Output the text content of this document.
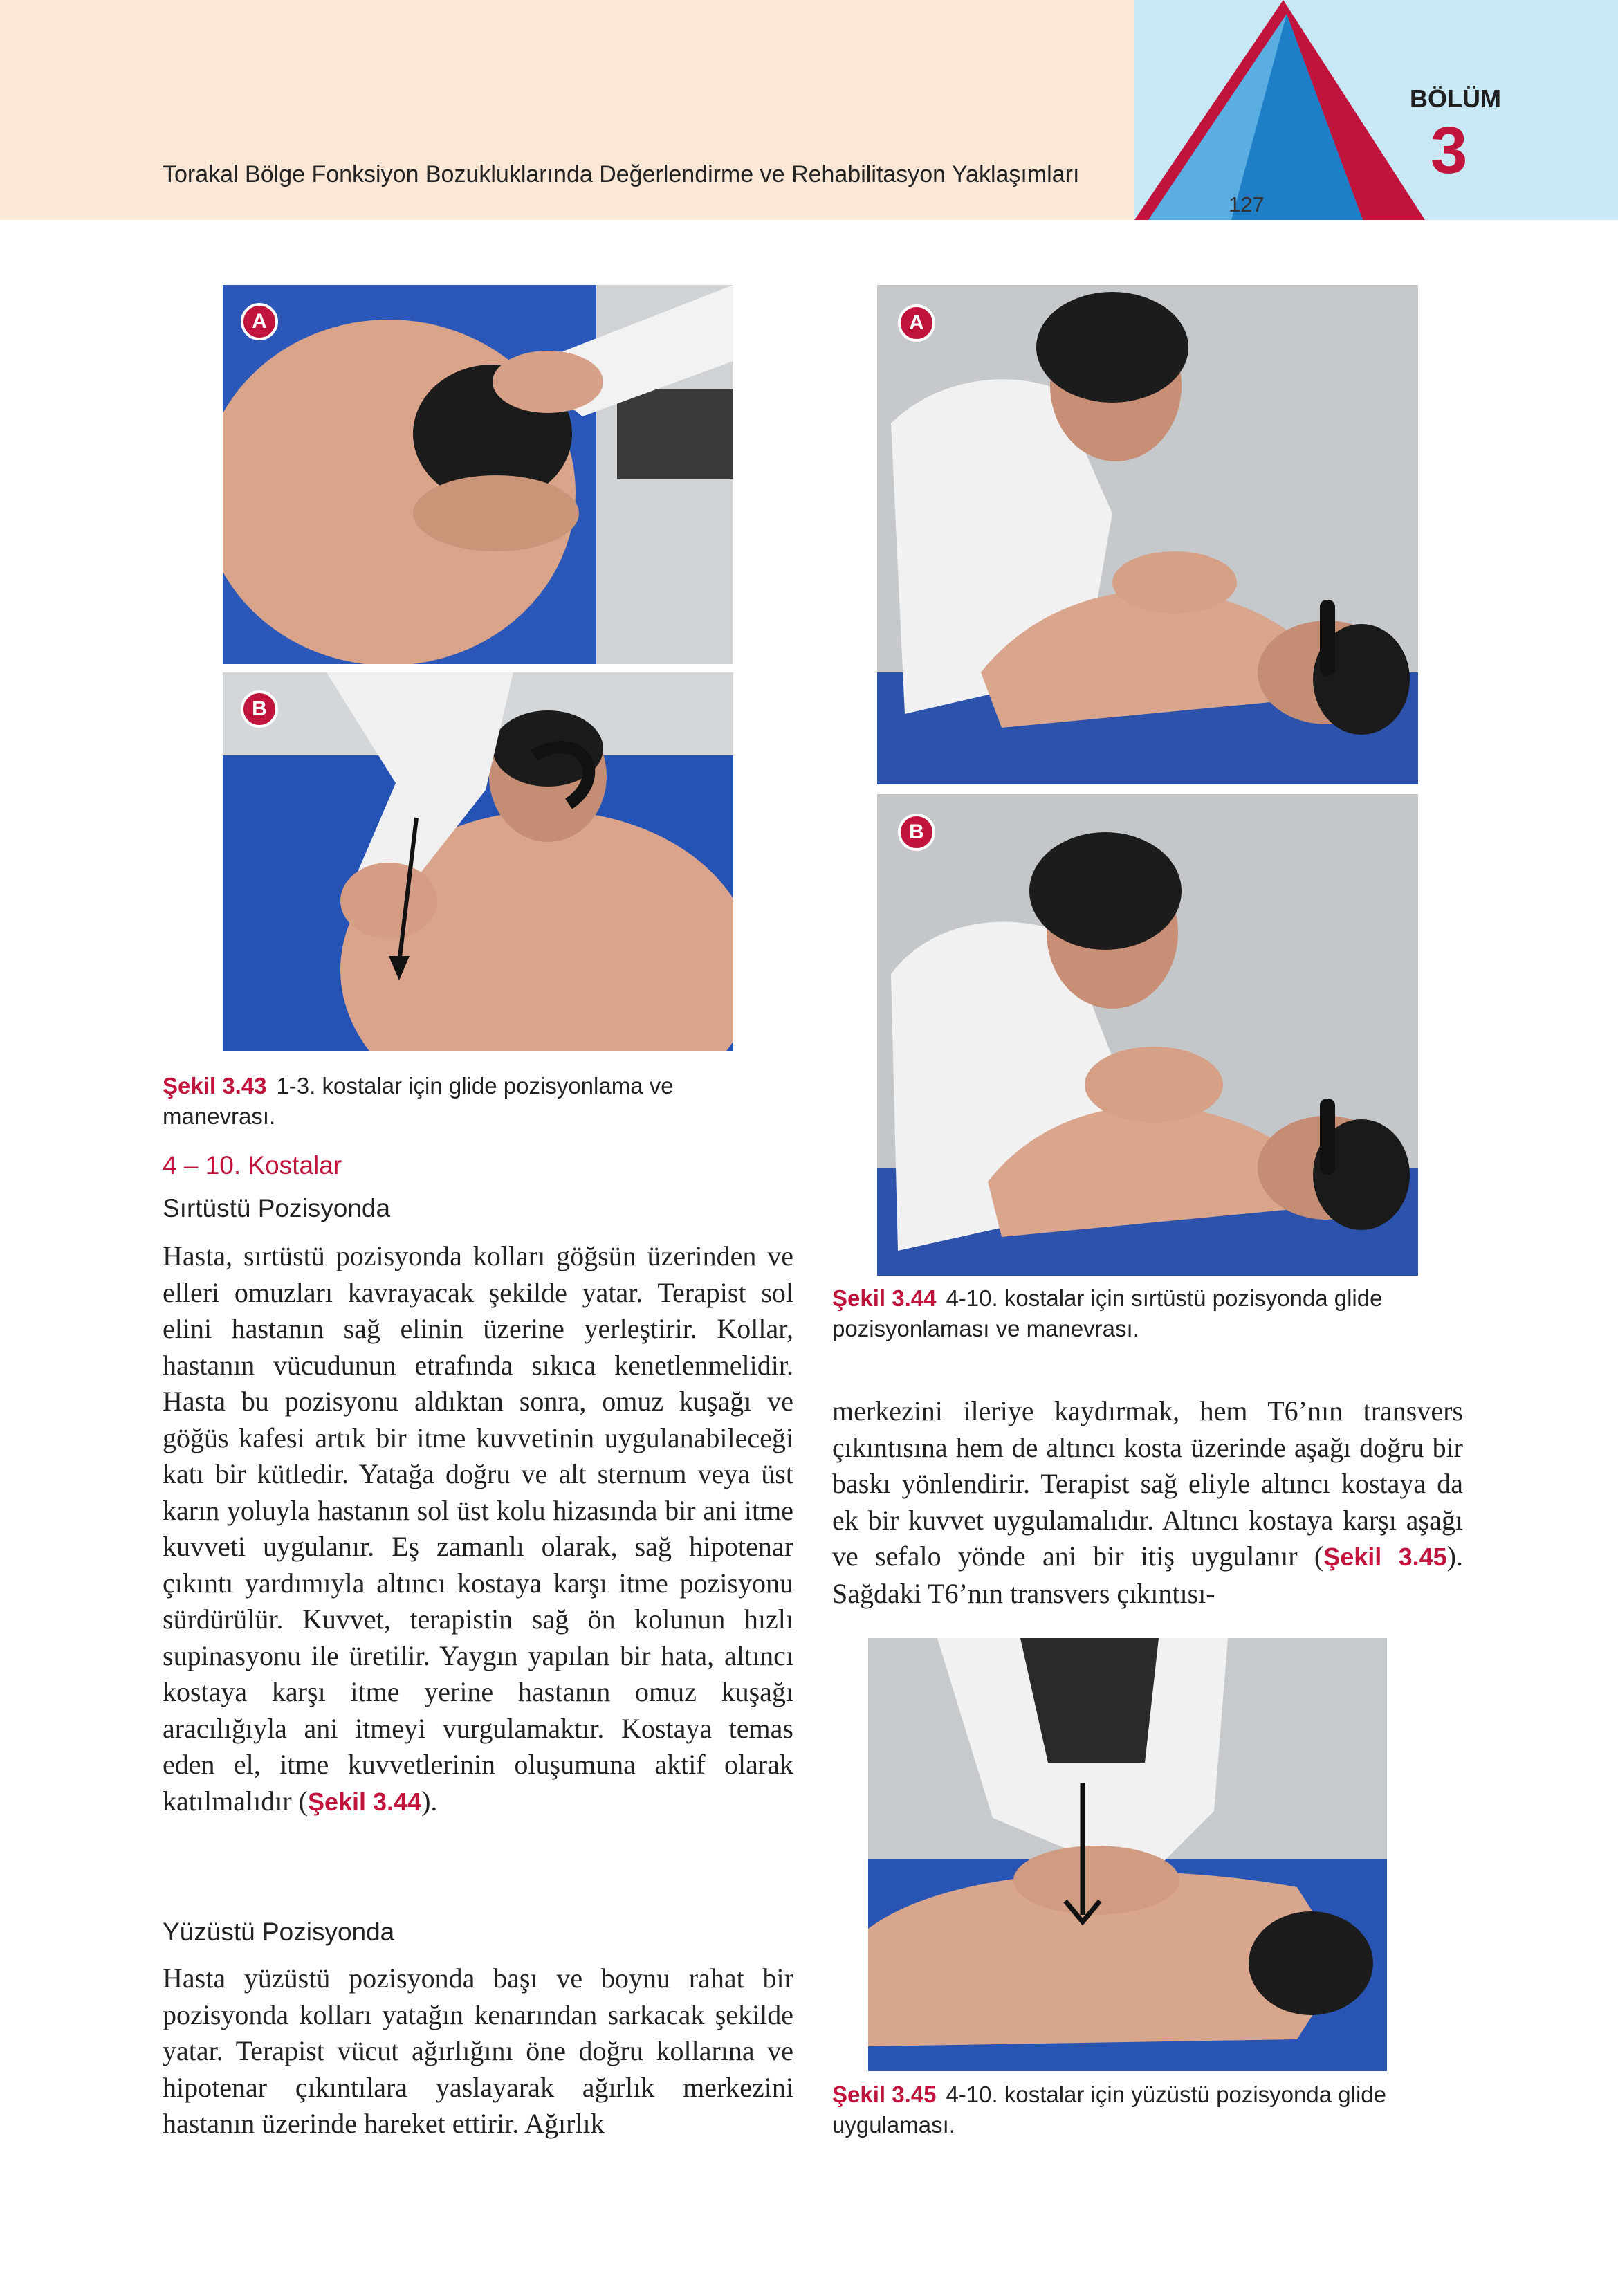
Torakal Bölge Fonksiyon Bozukluklarında Değerlendirme ve Rehabilitasyon Yaklaşımları
127
BÖLÜM
3
A
B
Şekil 3.43 1-3. kostalar için glide pozisyonlama ve manevrası.
4 – 10. Kostalar
Sırtüstü Pozisyonda
Hasta, sırtüstü pozisyonda kolları göğsün üzerinden ve elleri omuzları kavrayacak şekilde yatar. Terapist sol elini hastanın sağ elinin üzerine yerleştirir. Kollar, hastanın vücudunun etrafında sıkıca kenetlenmelidir. Hasta bu pozisyonu aldıktan sonra, omuz kuşağı ve göğüs kafesi artık bir itme kuvvetinin uygulanabileceği katı bir kütledir. Yatağa doğru ve alt sternum veya üst karın yoluyla hastanın sol üst kolu hizasında bir ani itme kuvveti uygulanır. Eş zamanlı olarak, sağ hipotenar çıkıntı yardımıyla altıncı kostaya karşı itme pozisyonu sürdürülür. Kuvvet, terapistin sağ ön kolunun hızlı supinasyonu ile üretilir. Yaygın yapılan bir hata, altıncı kostaya karşı itme yerine hastanın omuz kuşağı aracılığıyla ani itmeyi vurgulamaktır. Kostaya temas eden el, itme kuvvetlerinin oluşumuna aktif olarak katılmalıdır (Şekil 3.44).
Yüzüstü Pozisyonda
Hasta yüzüstü pozisyonda başı ve boynu rahat bir pozisyonda kolları yatağın kenarından sarkacak şekilde yatar. Terapist vücut ağırlığını öne doğru kollarına ve hipotenar çıkıntılara yaslayarak ağırlık merkezini hastanın üzerinde hareket ettirir. Ağırlık
A
B
Şekil 3.44 4-10. kostalar için sırtüstü pozisyonda glide pozisyonlaması ve manevrası.
merkezini ileriye kaydırmak, hem T6’nın transvers çıkıntısına hem de altıncı kosta üzerinde aşağı doğru bir baskı yönlendirir. Terapist sağ eliyle altıncı kostaya da ek bir kuvvet uygulamalıdır. Altıncı kostaya karşı aşağı ve sefalo yönde ani bir itiş uygulanır (Şekil 3.45). Sağdaki T6’nın transvers çıkıntısı-
Şekil 3.45 4-10. kostalar için yüzüstü pozisyonda glide uygulaması.
